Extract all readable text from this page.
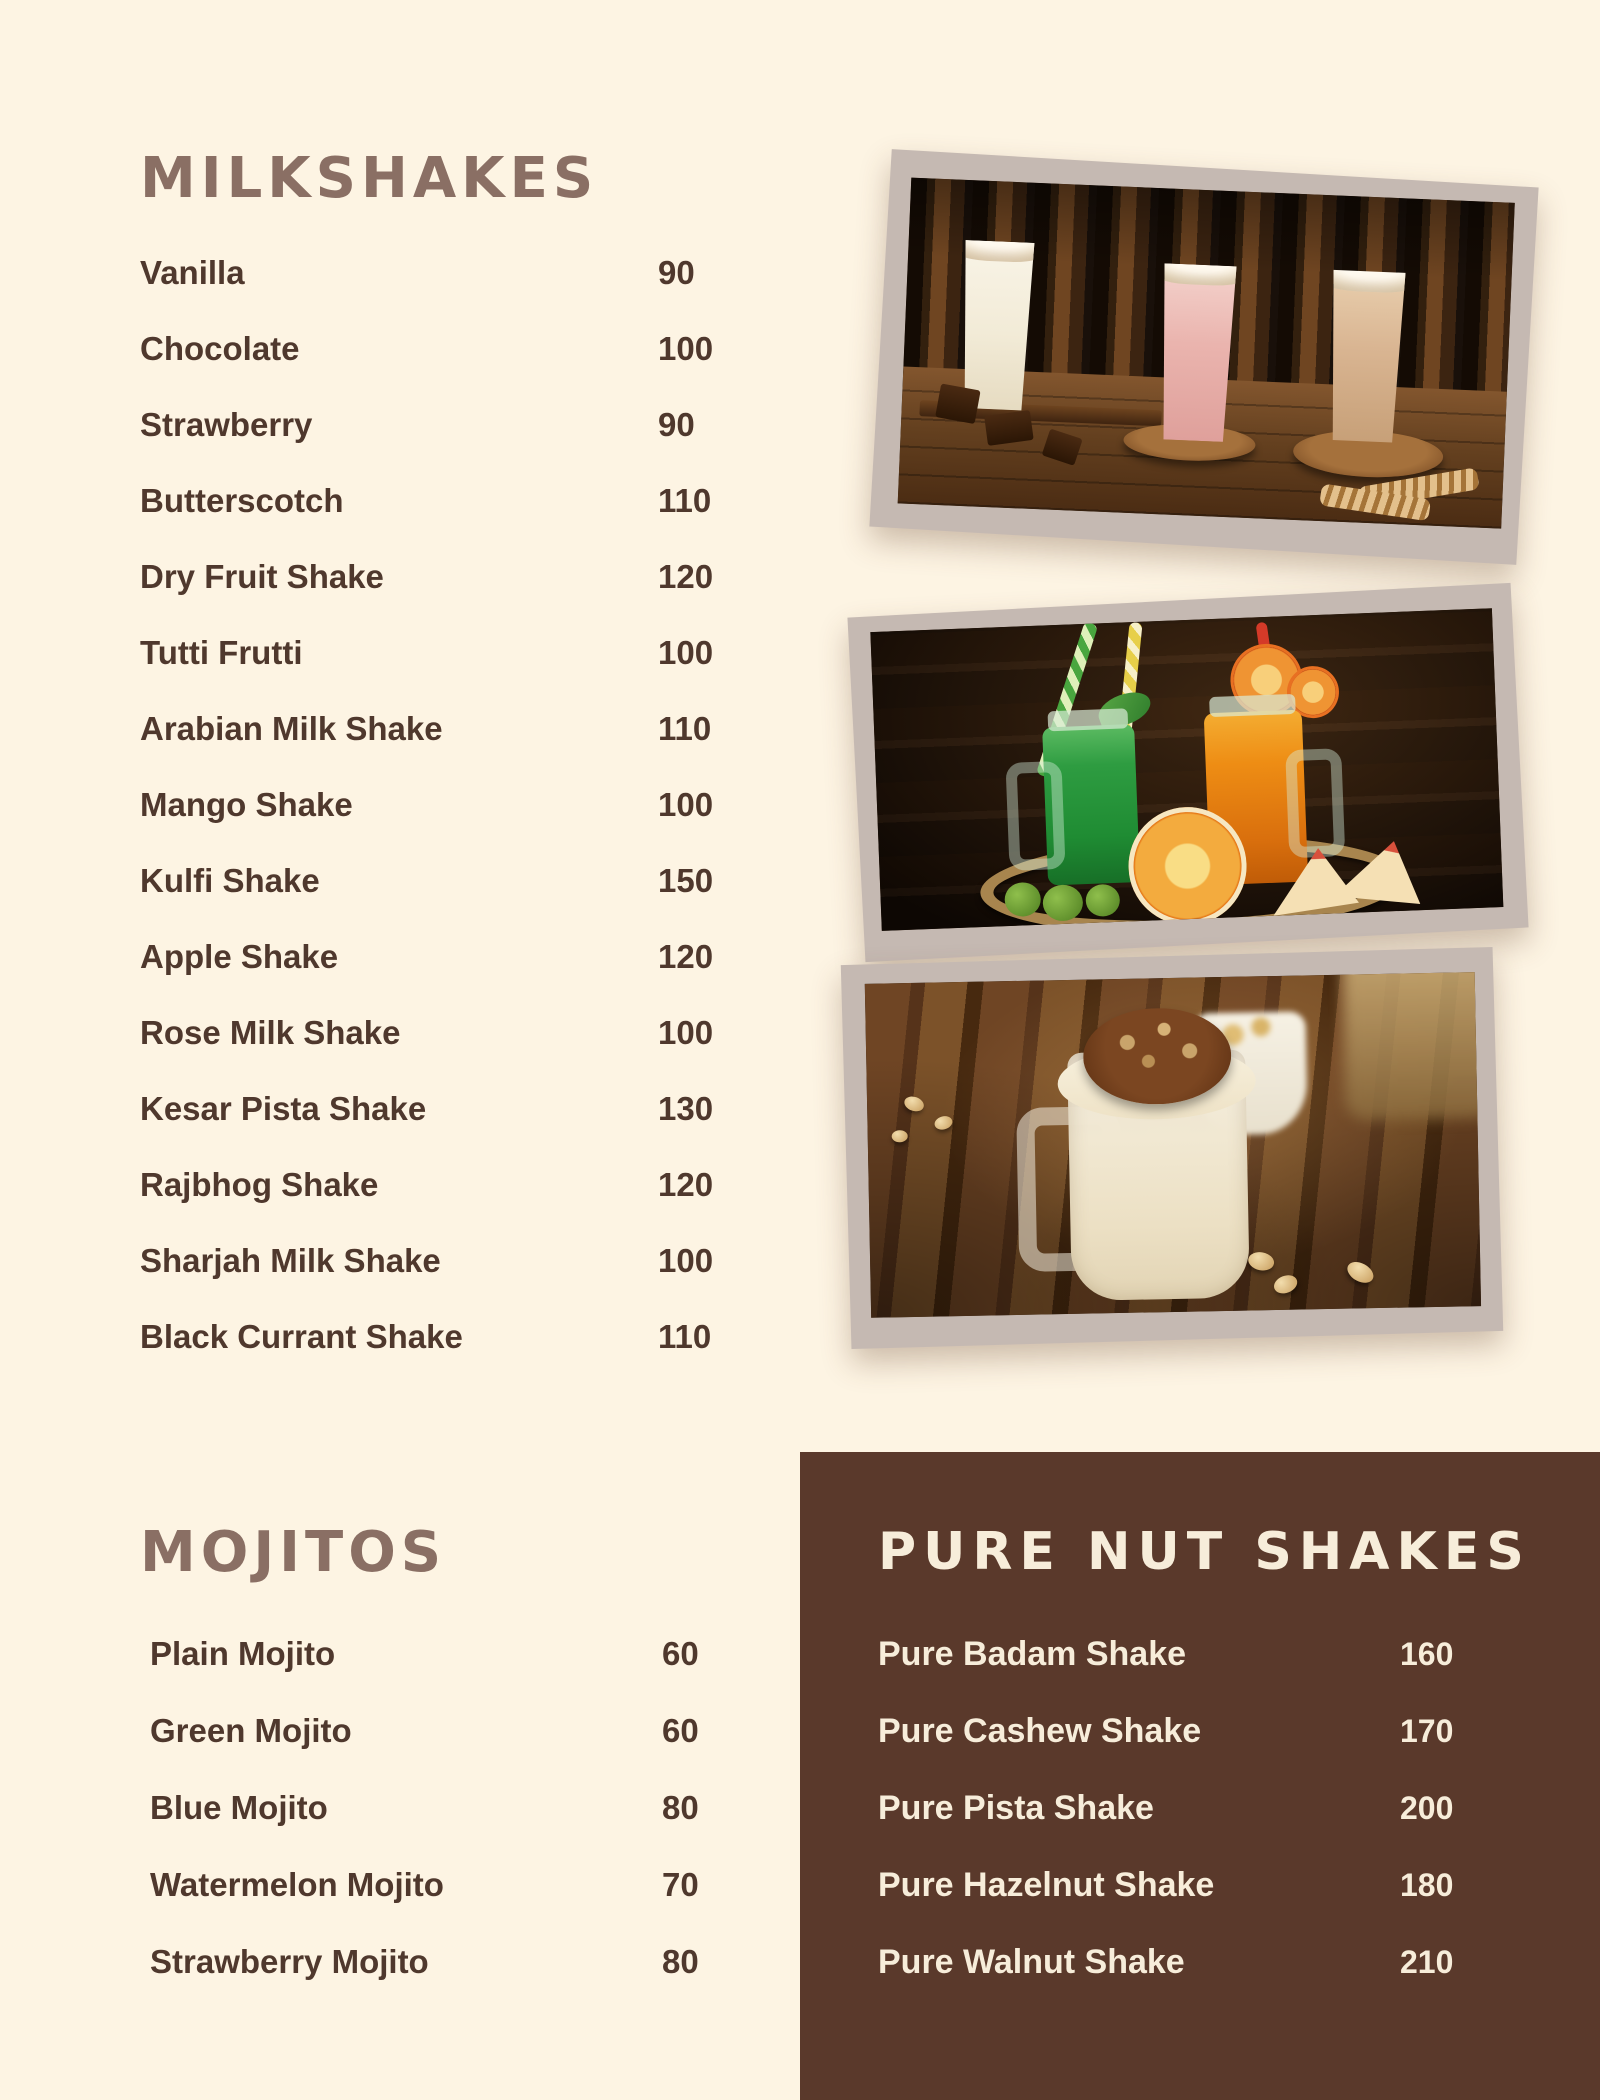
MILKSHAKES
Vanilla	90
Chocolate	100
Strawberry	90
Butterscotch	110
Dry Fruit Shake	120
Tutti Frutti	100
Arabian Milk Shake	110
Mango Shake	100
Kulfi Shake	150
Apple Shake	120
Rose Milk Shake	100
Kesar Pista Shake	130
Rajbhog Shake	120
Sharjah Milk Shake	100
Black Currant Shake	110
MOJITOS
Plain Mojito	60
Green Mojito	60
Blue Mojito	80
Watermelon Mojito	70
Strawberry Mojito	80
PURE NUT SHAKES
Pure Badam Shake	160
Pure Cashew Shake	170
Pure Pista Shake	200
Pure Hazelnut Shake	180
Pure Walnut Shake	210
